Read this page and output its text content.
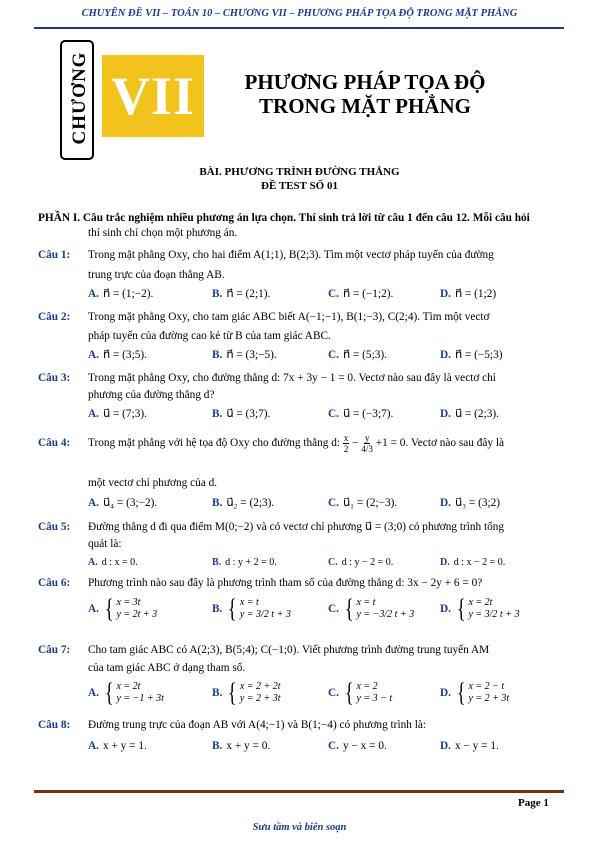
CHUYÊN ĐỀ VII – TOÁN 10 – CHƯƠNG VII – PHƯƠNG PHÁP TỌA ĐỘ TRONG MẶT PHẲNG
CHƯƠNG VII	PHƯƠNG PHÁP TỌA ĐỘ
TRONG MẶT PHẲNG
BÀI. PHƯƠNG TRÌNH ĐƯỜNG THẲNG
ĐỀ TEST SỐ 01
PHẦN I. Câu trắc nghiệm nhiều phương án lựa chọn. Thí sinh trả lời từ câu 1 đến câu 12. Mỗi câu hỏi
thí sinh chỉ chọn một phương án.
Câu 1: Trong mặt phẳng Oxy, cho hai điểm A(1;1), B(2;3). Tìm một vectơ pháp tuyến của đường
trung trực của đoạn thẳng AB.
A. n⃗ = (1;−2).	B. n⃗ = (2;1).	C. n⃗ = (−1;2).	D. n⃗ = (1;2)
Câu 2: Trong mặt phẳng Oxy, cho tam giác ABC biết A(−1;−1), B(1;−3), C(2;4). Tìm một vectơ
pháp tuyến của đường cao kẻ từ B của tam giác ABC.
A. n⃗ = (3;5).	B. n⃗ = (3;−5).	C. n⃗ = (5;3).	D. n⃗ = (−5;3)
Câu 3: Trong mặt phẳng Oxy, cho đường thẳng d: 7x + 3y − 1 = 0. Vectơ nào sau đây là vectơ chỉ
phương của đường thẳng d?
A. u⃗ = (7;3).	B. u⃗ = (3;7).	C. u⃗ = (−3;7).	D. u⃗ = (2;3).
Câu 4: Trong mặt phẳng với hệ tọa độ Oxy cho đường thẳng d: $\frac{x}{2} - \frac{y}{4/3} +1 = 0$. Vectơ nào sau đây là
một vectơ chỉ phương của d.
A. u⃗₄ = (3;−2).	B. u⃗₂ = (2;3).	C. u⃗₁ = (2;−3).	D. u⃗₃ = (3;2)
Câu 5: Đường thẳng d đi qua điểm M(0;−2) và có vectơ chỉ phương u⃗ = (3;0) có phương trình tổng
quát là:
A. d : x = 0.	B. d : y + 2 = 0.	C. d : y − 2 = 0.	D. d : x − 2 = 0.
Câu 6: Phương trình nào sau đây là phương trình tham số của đường thẳng d: 3x − 2y + 6 = 0?
A. { x = 3t
y = 2t + 3	B. { x = t
y = 3/2 t + 3	C. { x = t
y = −3/2 t + 3 D. { x = 2t
y = 3/2 t + 3
Câu 7: Cho tam giác ABC có A(2;3), B(5;4); C(−1;0). Viết phương trình đường trung tuyến AM
của tam giác ABC ở dạng tham số.
A. { x = 2t
y = −1 + 3t	B. { x = 2 + 2t
y = 2 + 3t	C. { x = 2
y = 3 − t	D. { x = 2 − t
y = 2 + 3t
Câu 8: Đường trung trực của đoạn AB với A(4;−1) và B(1;−4) có phương trình là:
A. x + y = 1.	B. x + y = 0.	C. y − x = 0.	D. x − y = 1.
Page 1
Sưu tầm và biên soạn
